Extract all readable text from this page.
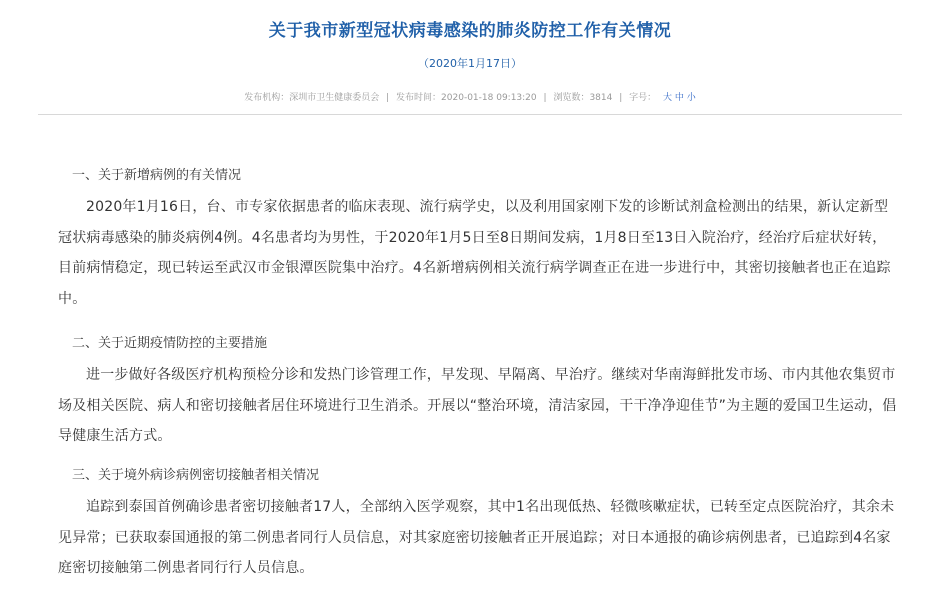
关于我市新型冠状病毒感染的肺炎防控工作有关情况
（2020年1月17日）
发布机构：深圳市卫生健康委员会 | 发布时间：2020-01-18 09:13:20 | 浏览数：3814 | 字号： 大 中 小
一、关于新增病例的有关情况
2020年1月16日，台、市专家依据患者的临床表现、流行病学史，以及利用国家刚下发的诊断试剂盒检测出的结果，新认定新型冠状病毒感染的肺炎病例4例。4名患者均为男性，于2020年1月5日至8日期间发病，1月8日至13日入院治疗，经治疗后症状好转，目前病情稳定，现已转运至武汉市金银潭医院集中治疗。4名新增病例相关流行病学调查正在进一步进行中，其密切接触者也正在追踪中。
二、关于近期疫情防控的主要措施
进一步做好各级医疗机构预检分诊和发热门诊管理工作，早发现、早隔离、早治疗。继续对华南海鲜批发市场、市内其他农集贸市场及相关医院、病人和密切接触者居住环境进行卫生消杀。开展以“整治环境，清洁家园，干干净净迎佳节”为主题的爱国卫生运动，倡导健康生活方式。
三、关于境外病诊病例密切接触者相关情况
追踪到泰国首例确诊患者密切接触者17人，全部纳入医学观察，其中1名出现低热、轻微咳嗽症状，已转至定点医院治疗，其余未见异常；已获取泰国通报的第二例患者同行人员信息，对其家庭密切接触者正开展追踪；对日本通报的确诊病例患者，已追踪到4名家庭密切接触第二例患者同行行人员信息。
